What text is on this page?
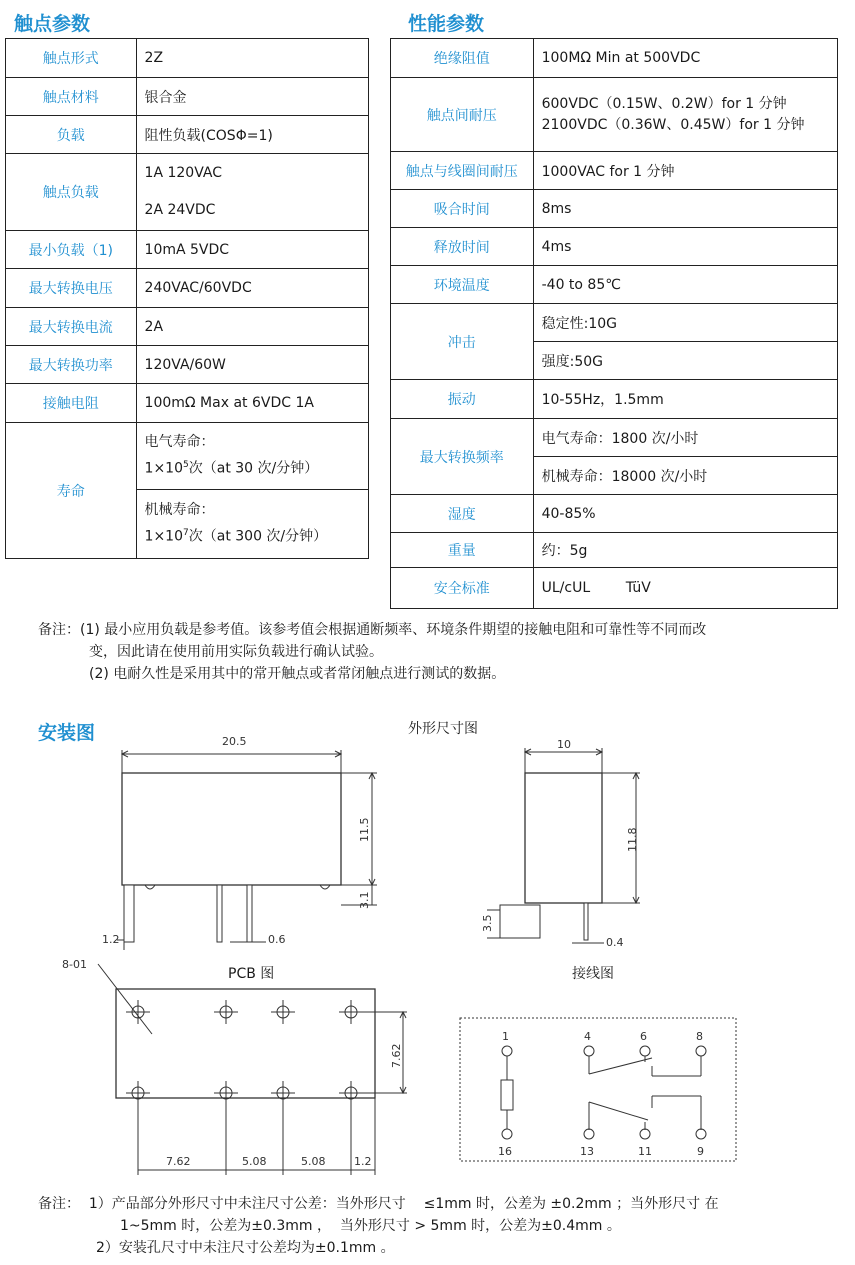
触点参数	性能参数
触点形式	2Z
触点材料	银合金
负载	阻性负载(COSΦ=1)
触点负载	1A 120VAC
2A 24VDC

最小负载（1)	10mA 5VDC
最大转换电压	240VAC/60VDC
最大转换电流	2A
最大转换功率	120VA/60W
接触电阻	100mΩ Max at 6VDC 1A
寿命	电气寿命：
$1\times 10^5$次（at 30 次/分钟）

	机械寿命：
$1\times 10^7$次（at 300 次/分钟）
绝缘阻值	100MΩ Min at 500VDC
触点间耐压	600VDC（0.15W、0.2W）for 1 分钟
2100VDC（0.36W、0.45W）for 1 分钟

触点与线圈间耐压	1000VAC for 1 分钟
吸合时间	8ms
释放时间	4ms
环境温度	-40 to 85℃
冲击	稳定性:10G
	强度:50G
振动	10-55Hz，1.5mm
最大转换频率	电气寿命：1800 次/小时
	机械寿命：18000 次/小时
湿度	40-85%
重量	约：5g
安全标准	UL/cUL        TüV
备注：(1) 最小应用负载是参考值。该参考值会根据通断频率、环境条件期望的接触电阻和可靠性等不同而改
变，因此请在使用前用实际负载进行确认试验。
(2) 电耐久性是采用其中的常开触点或者常闭触点进行测试的数据。
安装图	外形尺寸图
PCB 图	接线图
20.5
11.5
3.1
1.2	0.6
10
11.8
3.5
0.4
8-01
7.62
7.62	5.08	5.08	1.2
1
16
4	6	8
13	11	9
备注：  1）产品部分外形尺寸中未注尺寸公差：当外形尺寸    ≤1mm 时，公差为 ±0.2mm ；当外形尺寸 在
1~5mm 时，公差为±0.3mm ，  当外形尺寸 > 5mm 时，公差为±0.4mm 。
2）安装孔尺寸中未注尺寸公差均为±0.1mm 。
